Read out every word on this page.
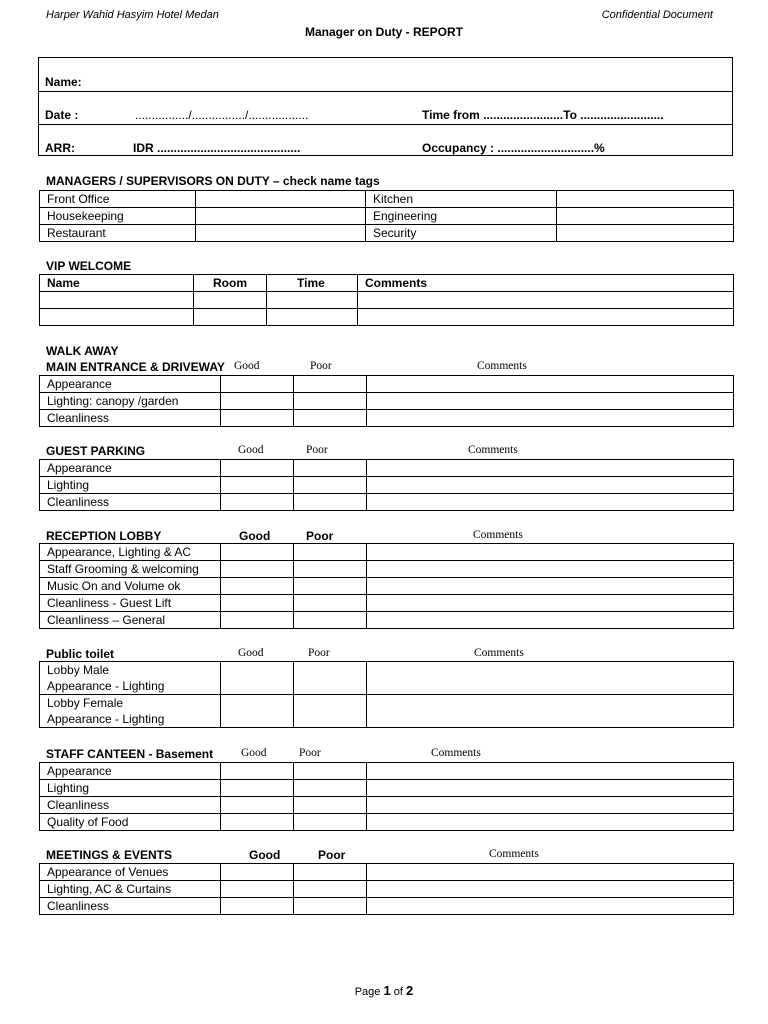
Harper Wahid Hasyim Hotel Medan	Confidential Document
Manager on Duty - REPORT
Name:
Date :	................/................/..................	Time from ........................To .........................
ARR:	IDR ...........................................	Occupancy : .............................%
MANAGERS / SUPERVISORS ON DUTY – check name tags
Front Office		Kitchen	
Housekeeping		Engineering	
Restaurant		Security	
VIP WELCOME
Name	Room	Time	Comments

WALK AWAY
MAIN ENTRANCE & DRIVEWAY Good	Poor	Comments
Appearance			
Lighting: canopy /garden			
Cleanliness			
GUEST PARKING	Good	Poor	Comments
Appearance			
Lighting			
Cleanliness			
RECEPTION LOBBY	Good	Poor	Comments
Appearance, Lighting & AC			
Staff Grooming & welcoming			
Music On and Volume ok			
Cleanliness - Guest Lift			
Cleanliness – General			
Public toilet	Good	Poor	Comments
Lobby Male
Appearance - Lighting			

Lobby Female
Appearance - Lighting			

STAFF CANTEEN - Basement Good	Poor	Comments
Appearance			
Lighting			
Cleanliness			
Quality of Food			
MEETINGS & EVENTS	Good	Poor	Comments
Appearance of Venues			
Lighting, AC & Curtains			
Cleanliness			
Page 1 of 2
